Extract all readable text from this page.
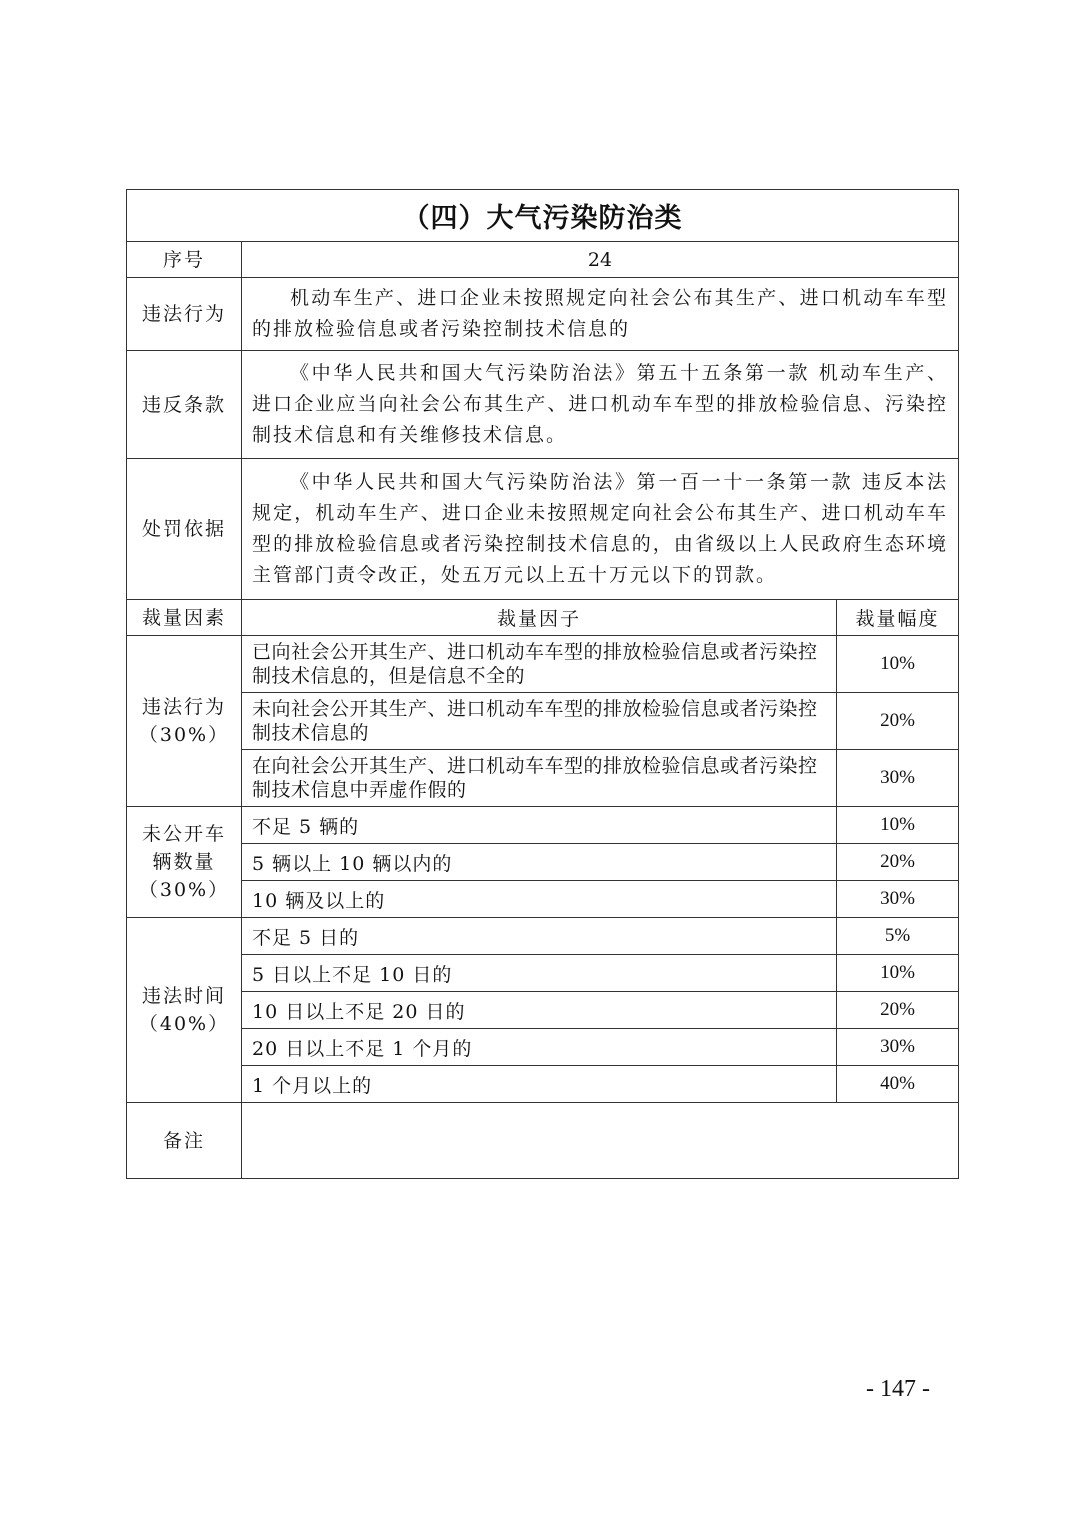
（四）大气污染防治类		
序号	24	
违法行为	机动车生产、进口企业未按照规定向社会公布其生产、进口机动车车型的排放检验信息或者污染控制技术信息的	

违反条款	《中华人民共和国大气污染防治法》第五十五条第一款 机动车生产、进口企业应当向社会公布其生产、进口机动车车型的排放检验信息、污染控制技术信息和有关维修技术信息。	

处罚依据	《中华人民共和国大气污染防治法》第一百一十一条第一款 违反本法规定，机动车生产、进口企业未按照规定向社会公布其生产、进口机动车车型的排放检验信息或者污染控制技术信息的，由省级以上人民政府生态环境主管部门责令改正，处五万元以上五十万元以下的罚款。	

裁量因素	裁量因子	裁量幅度

违法行为
（30%）	已向社会公开其生产、进口机动车车型的排放检验信息或者污染控制技术信息的，但是信息不全的	10%
	未向社会公开其生产、进口机动车车型的排放检验信息或者污染控制技术信息的	20%
	在向社会公开其生产、进口机动车车型的排放检验信息或者污染控制技术信息中弄虚作假的	30%

未公开车
辆数量
（30%）	不足 5 辆的	10%
	5 辆以上 10 辆以内的	20%
	10 辆及以上的	30%

违法时间
（40%）	不足 5 日的	5%
	5 日以上不足 10 日的	10%
	10 日以上不足 20 日的	20%
	20 日以上不足 1 个月的	30%
	1 个月以上的	40%
备注		
- 147 -
